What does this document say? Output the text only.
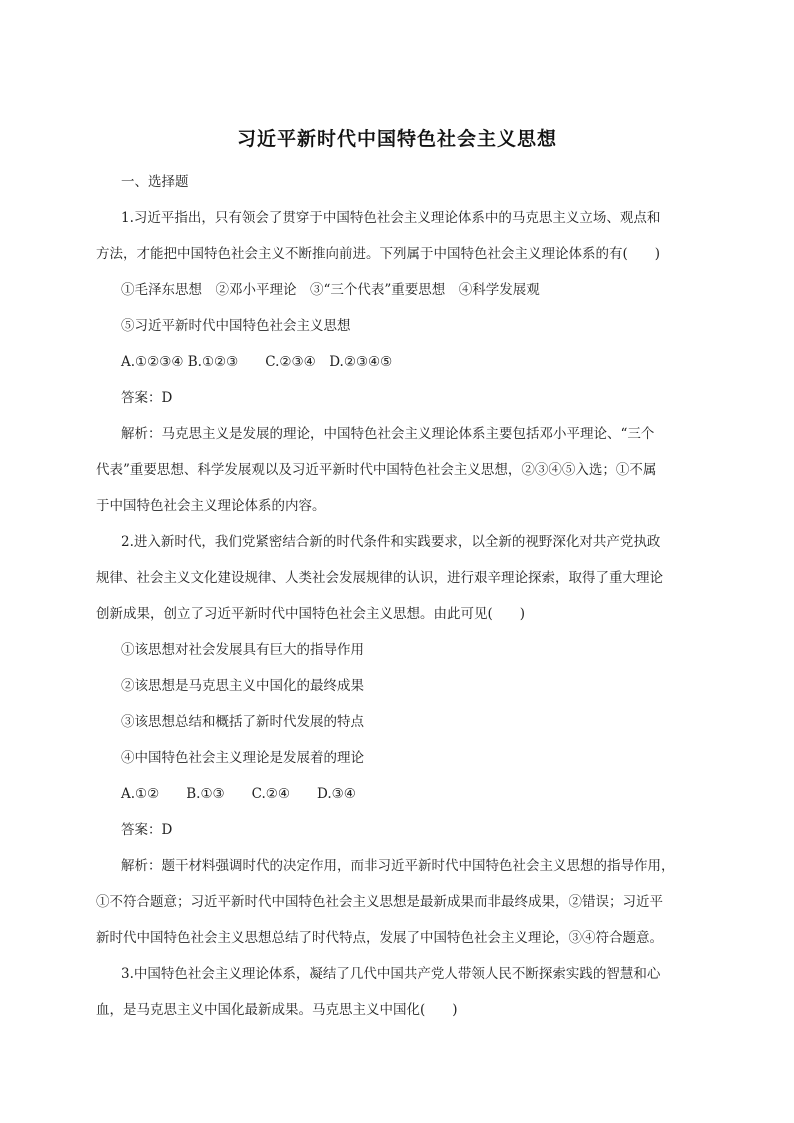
习近平新时代中国特色社会主义思想
一、选择题
1.习近平指出，只有领会了贯穿于中国特色社会主义理论体系中的马克思主义立场、观点和
方法，才能把中国特色社会主义不断推向前进。下列属于中国特色社会主义理论体系的有(　　)
①毛泽东思想　②邓小平理论　③“三个代表”重要思想　④科学发展观
⑤习近平新时代中国特色社会主义思想
A.①②③④ B.①②③　　C.②③④　D.②③④⑤
答案：D
解析：马克思主义是发展的理论，中国特色社会主义理论体系主要包括邓小平理论、“三个
代表”重要思想、科学发展观以及习近平新时代中国特色社会主义思想，②③④⑤入选；①不属
于中国特色社会主义理论体系的内容。
2.进入新时代，我们党紧密结合新的时代条件和实践要求，以全新的视野深化对共产党执政
规律、社会主义文化建设规律、人类社会发展规律的认识，进行艰辛理论探索，取得了重大理论
创新成果，创立了习近平新时代中国特色社会主义思想。由此可见(　　)
①该思想对社会发展具有巨大的指导作用
②该思想是马克思主义中国化的最终成果
③该思想总结和概括了新时代发展的特点
④中国特色社会主义理论是发展着的理论
A.①②　　B.①③　　C.②④　　D.③④
答案：D
解析：题干材料强调时代的决定作用，而非习近平新时代中国特色社会主义思想的指导作用，
①不符合题意；习近平新时代中国特色社会主义思想是最新成果而非最终成果，②错误；习近平
新时代中国特色社会主义思想总结了时代特点，发展了中国特色社会主义理论，③④符合题意。
3.中国特色社会主义理论体系，凝结了几代中国共产党人带领人民不断探索实践的智慧和心
血，是马克思主义中国化最新成果。马克思主义中国化(　　)
